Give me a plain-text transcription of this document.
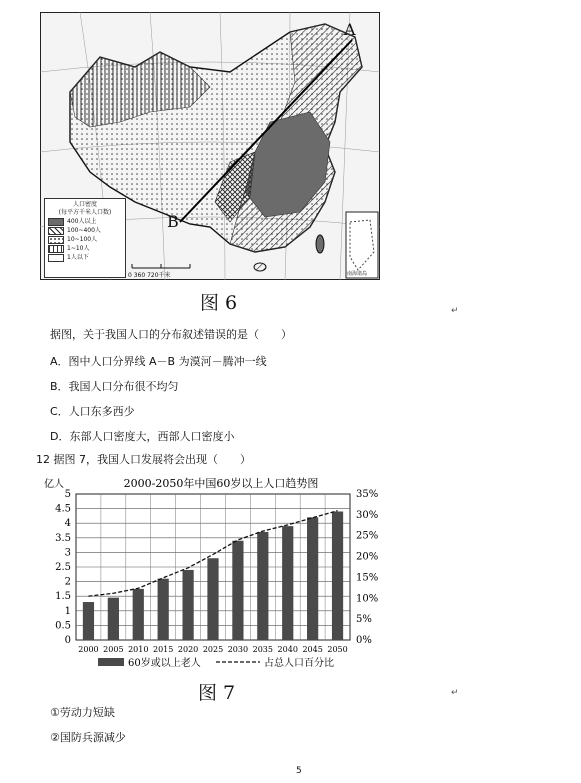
A
B
0 360 720千米	南海诸岛
人口密度
(每平方千米人口数)
400人以上
100~400人
10~100人
1~10人
1人以下
图 6	↵
据图，关于我国人口的分布叙述错误的是（　　）
A．图中人口分界线 A－B 为漠河－腾冲一线
B．我国人口分布很不均匀
C．人口东多西少
D．东部人口密度大，西部人口密度小
12 据图 7，我国人口发展将会出现（　　）
2000-2050年中国60岁以上人口趋势图
亿人
0
0.5
1
1.5
2
2.5
3
3.5
4
4.5
5
0%
5%
10%
15%
20%
25%
30%
35%
2000 2005 2010 2015 2020 2025 2030 2035 2040 2045 2050
60岁或以上老人	占总人口百分比
图 7	↵
①劳动力短缺
②国防兵源减少
5
